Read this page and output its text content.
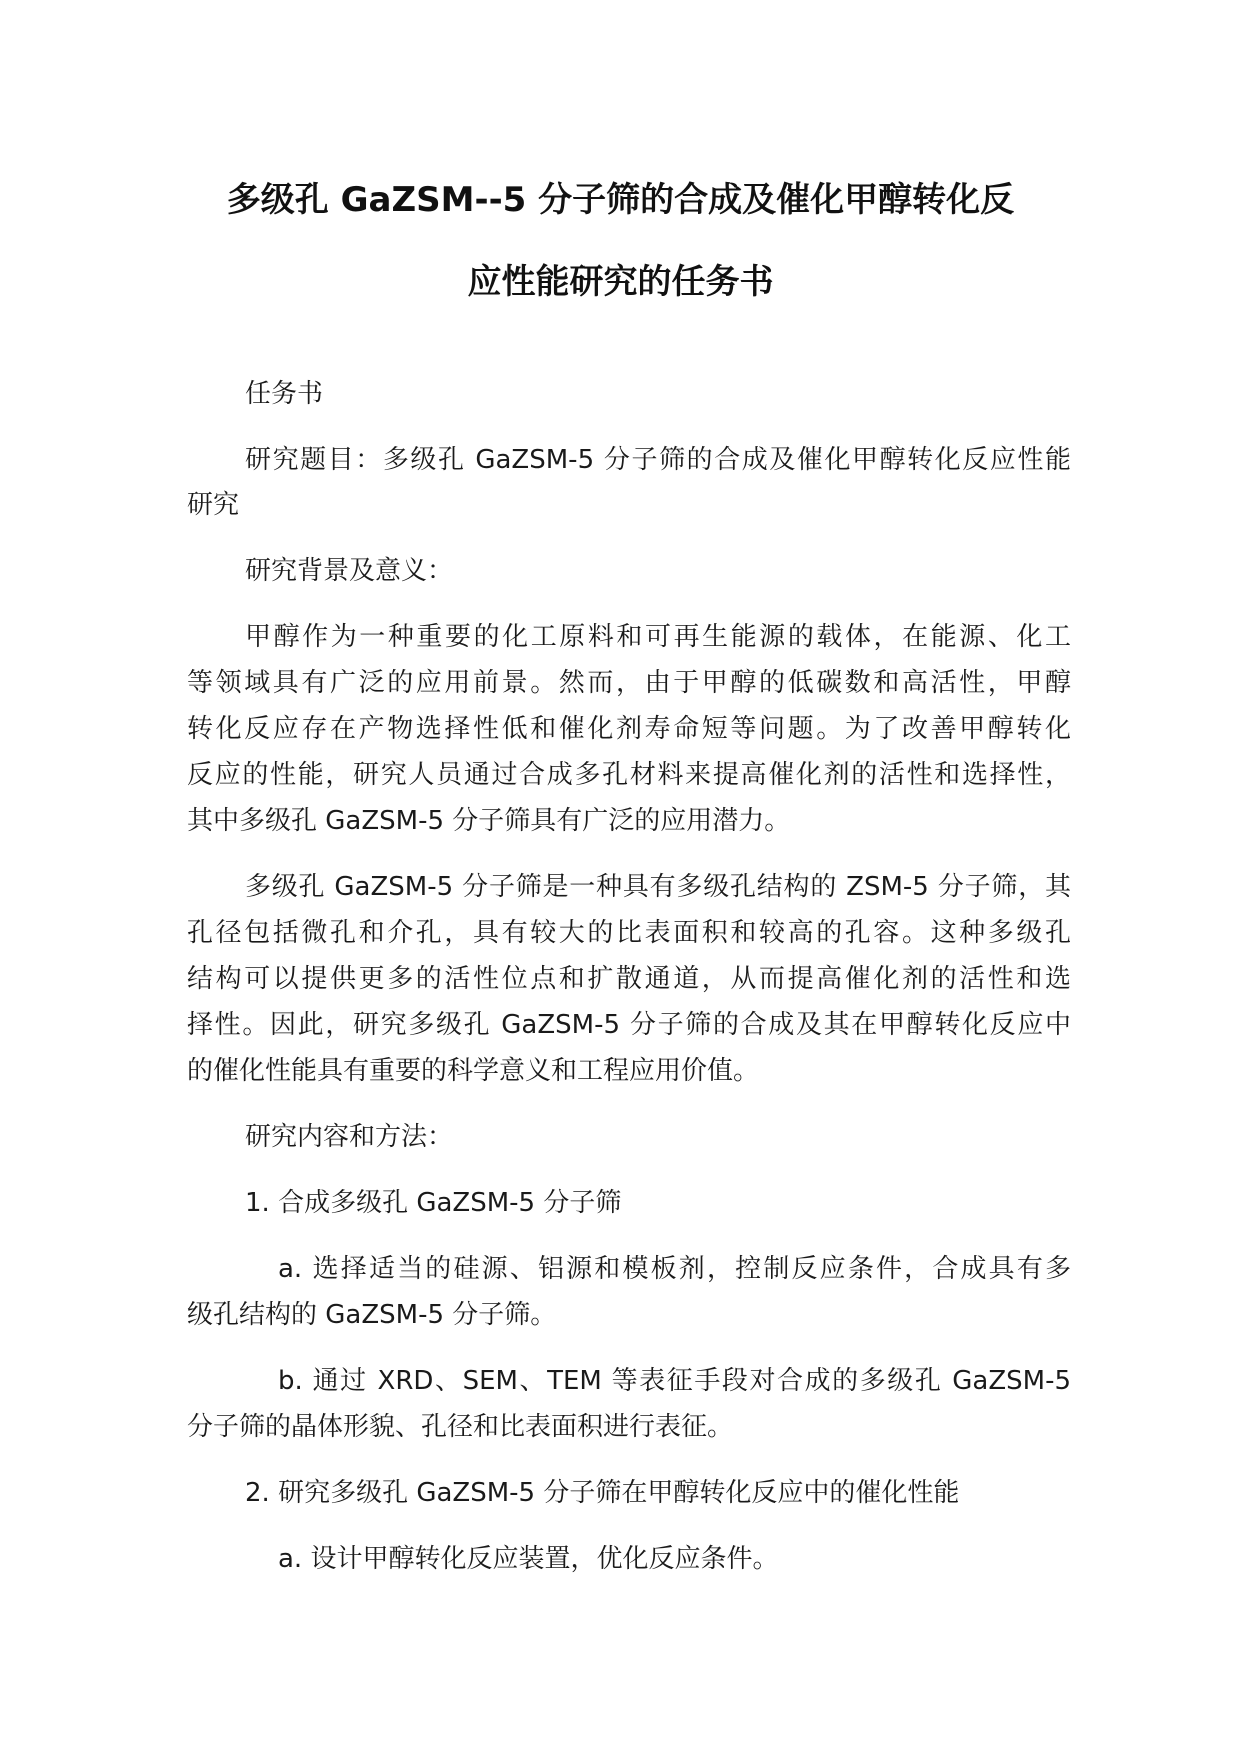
多级孔 GaZSM--5 分子筛的合成及催化甲醇转化反
应性能研究的任务书
任务书
研究题目：多级孔 GaZSM-5 分子筛的合成及催化甲醇转化反应性能
研究
研究背景及意义：
甲醇作为一种重要的化工原料和可再生能源的载体，在能源、化工
等领域具有广泛的应用前景。然而，由于甲醇的低碳数和高活性，甲醇
转化反应存在产物选择性低和催化剂寿命短等问题。为了改善甲醇转化
反应的性能，研究人员通过合成多孔材料来提高催化剂的活性和选择性，
其中多级孔 GaZSM-5 分子筛具有广泛的应用潜力。
多级孔 GaZSM-5 分子筛是一种具有多级孔结构的 ZSM-5 分子筛，其
孔径包括微孔和介孔，具有较大的比表面积和较高的孔容。这种多级孔
结构可以提供更多的活性位点和扩散通道，从而提高催化剂的活性和选
择性。因此，研究多级孔 GaZSM-5 分子筛的合成及其在甲醇转化反应中
的催化性能具有重要的科学意义和工程应用价值。
研究内容和方法：
1. 合成多级孔 GaZSM-5 分子筛
a. 选择适当的硅源、铝源和模板剂，控制反应条件，合成具有多
级孔结构的 GaZSM-5 分子筛。
b. 通过 XRD、SEM、TEM 等表征手段对合成的多级孔 GaZSM-5
分子筛的晶体形貌、孔径和比表面积进行表征。
2. 研究多级孔 GaZSM-5 分子筛在甲醇转化反应中的催化性能
a. 设计甲醇转化反应装置，优化反应条件。
